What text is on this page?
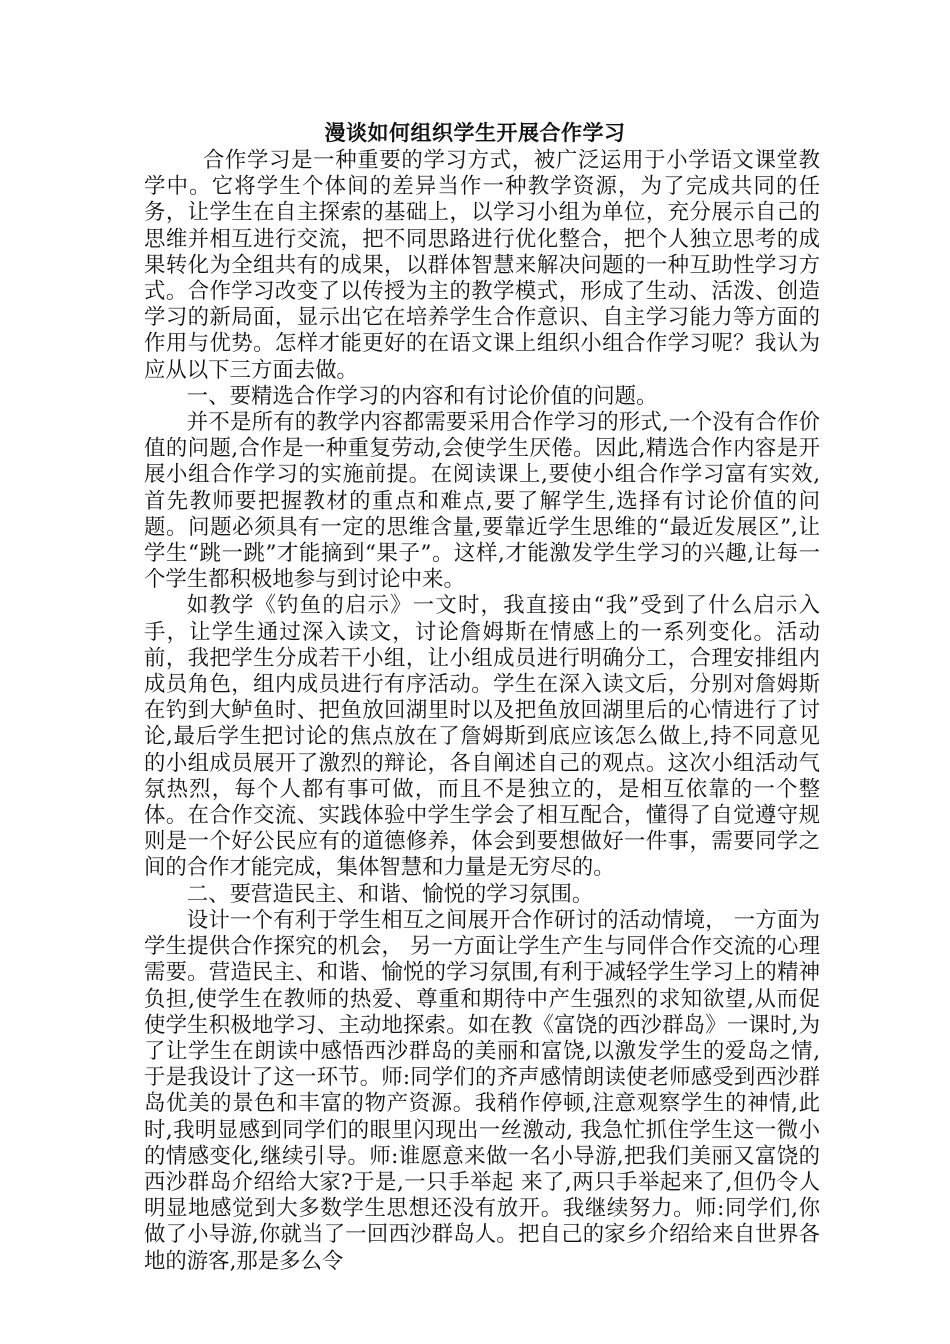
漫谈如何组织学生开展合作学习

合作学习是一种重要的学习方式，被广泛运用于小学语文课堂教学中。它将学生个体间的差异当作一种教学资源，为了完成共同的任务，让学生在自主探索的基础上，以学习小组为单位，充分展示自己的思维并相互进行交流，把不同思路进行优化整合，把个人独立思考的成果转化为全组共有的成果，以群体智慧来解决问题的一种互助性学习方式。合作学习改变了以传授为主的教学模式，形成了生动、活泼、创造学习的新局面，显示出它在培养学生合作意识、自主学习能力等方面的作用与优势。怎样才能更好的在语文课上组织小组合作学习呢？我认为应从以下三方面去做。

一、要精选合作学习的内容和有讨论价值的问题。

并不是所有的教学内容都需要采用合作学习的形式,一个没有合作价值的问题,合作是一种重复劳动,会使学生厌倦。因此,精选合作内容是开展小组合作学习的实施前提。在阅读课上,要使小组合作学习富有实效,首先教师要把握教材的重点和难点,要了解学生,选择有讨论价值的问题。问题必须具有一定的思维含量,要靠近学生思维的“最近发展区”,让学生“跳一跳”才能摘到“果子”。这样,才能激发学生学习的兴趣,让每一个学生都积极地参与到讨论中来。

如教学《钓鱼的启示》一文时，我直接由“我”受到了什么启示入手，让学生通过深入读文，讨论詹姆斯在情感上的一系列变化。活动前，我把学生分成若干小组，让小组成员进行明确分工，合理安排组内成员角色，组内成员进行有序活动。学生在深入读文后，分别对詹姆斯在钓到大鲈鱼时、把鱼放回湖里时以及把鱼放回湖里后的心情进行了讨论,最后学生把讨论的焦点放在了詹姆斯到底应该怎么做上,持不同意见的小组成员展开了激烈的辩论，各自阐述自己的观点。这次小组活动气氛热烈，每个人都有事可做，而且不是独立的，是相互依靠的一个整体。在合作交流、实践体验中学生学会了相互配合，懂得了自觉遵守规则是一个好公民应有的道德修养，体会到要想做好一件事，需要同学之间的合作才能完成，集体智慧和力量是无穷尽的。

二、要营造民主、和谐、愉悦的学习氛围。

设计一个有利于学生相互之间展开合作研讨的活动情境， 一方面为学生提供合作探究的机会， 另一方面让学生产生与同伴合作交流的心理需要。营造民主、和谐、愉悦的学习氛围,有利于减轻学生学习上的精神负担,使学生在教师的热爱、尊重和期待中产生强烈的求知欲望,从而促使学生积极地学习、主动地探索。如在教《富饶的西沙群岛》一课时,为了让学生在朗读中感悟西沙群岛的美丽和富饶,以激发学生的爱岛之情,于是我设计了这一环节。师:同学们的齐声感情朗读使老师感受到西沙群岛优美的景色和丰富的物产资源。我稍作停顿,注意观察学生的神情,此时,我明显感到同学们的眼里闪现出一丝激动, 我急忙抓住学生这一微小的情感变化,继续引导。师:谁愿意来做一名小导游,把我们美丽又富饶的西沙群岛介绍给大家?于是,一只手举起 来了,两只手举起来了,但仍令人明显地感觉到大多数学生思想还没有放开。我继续努力。师:同学们,你做了小导游,你就当了一回西沙群岛人。把自己的家乡介绍给来自世界各地的游客,那是多么令
